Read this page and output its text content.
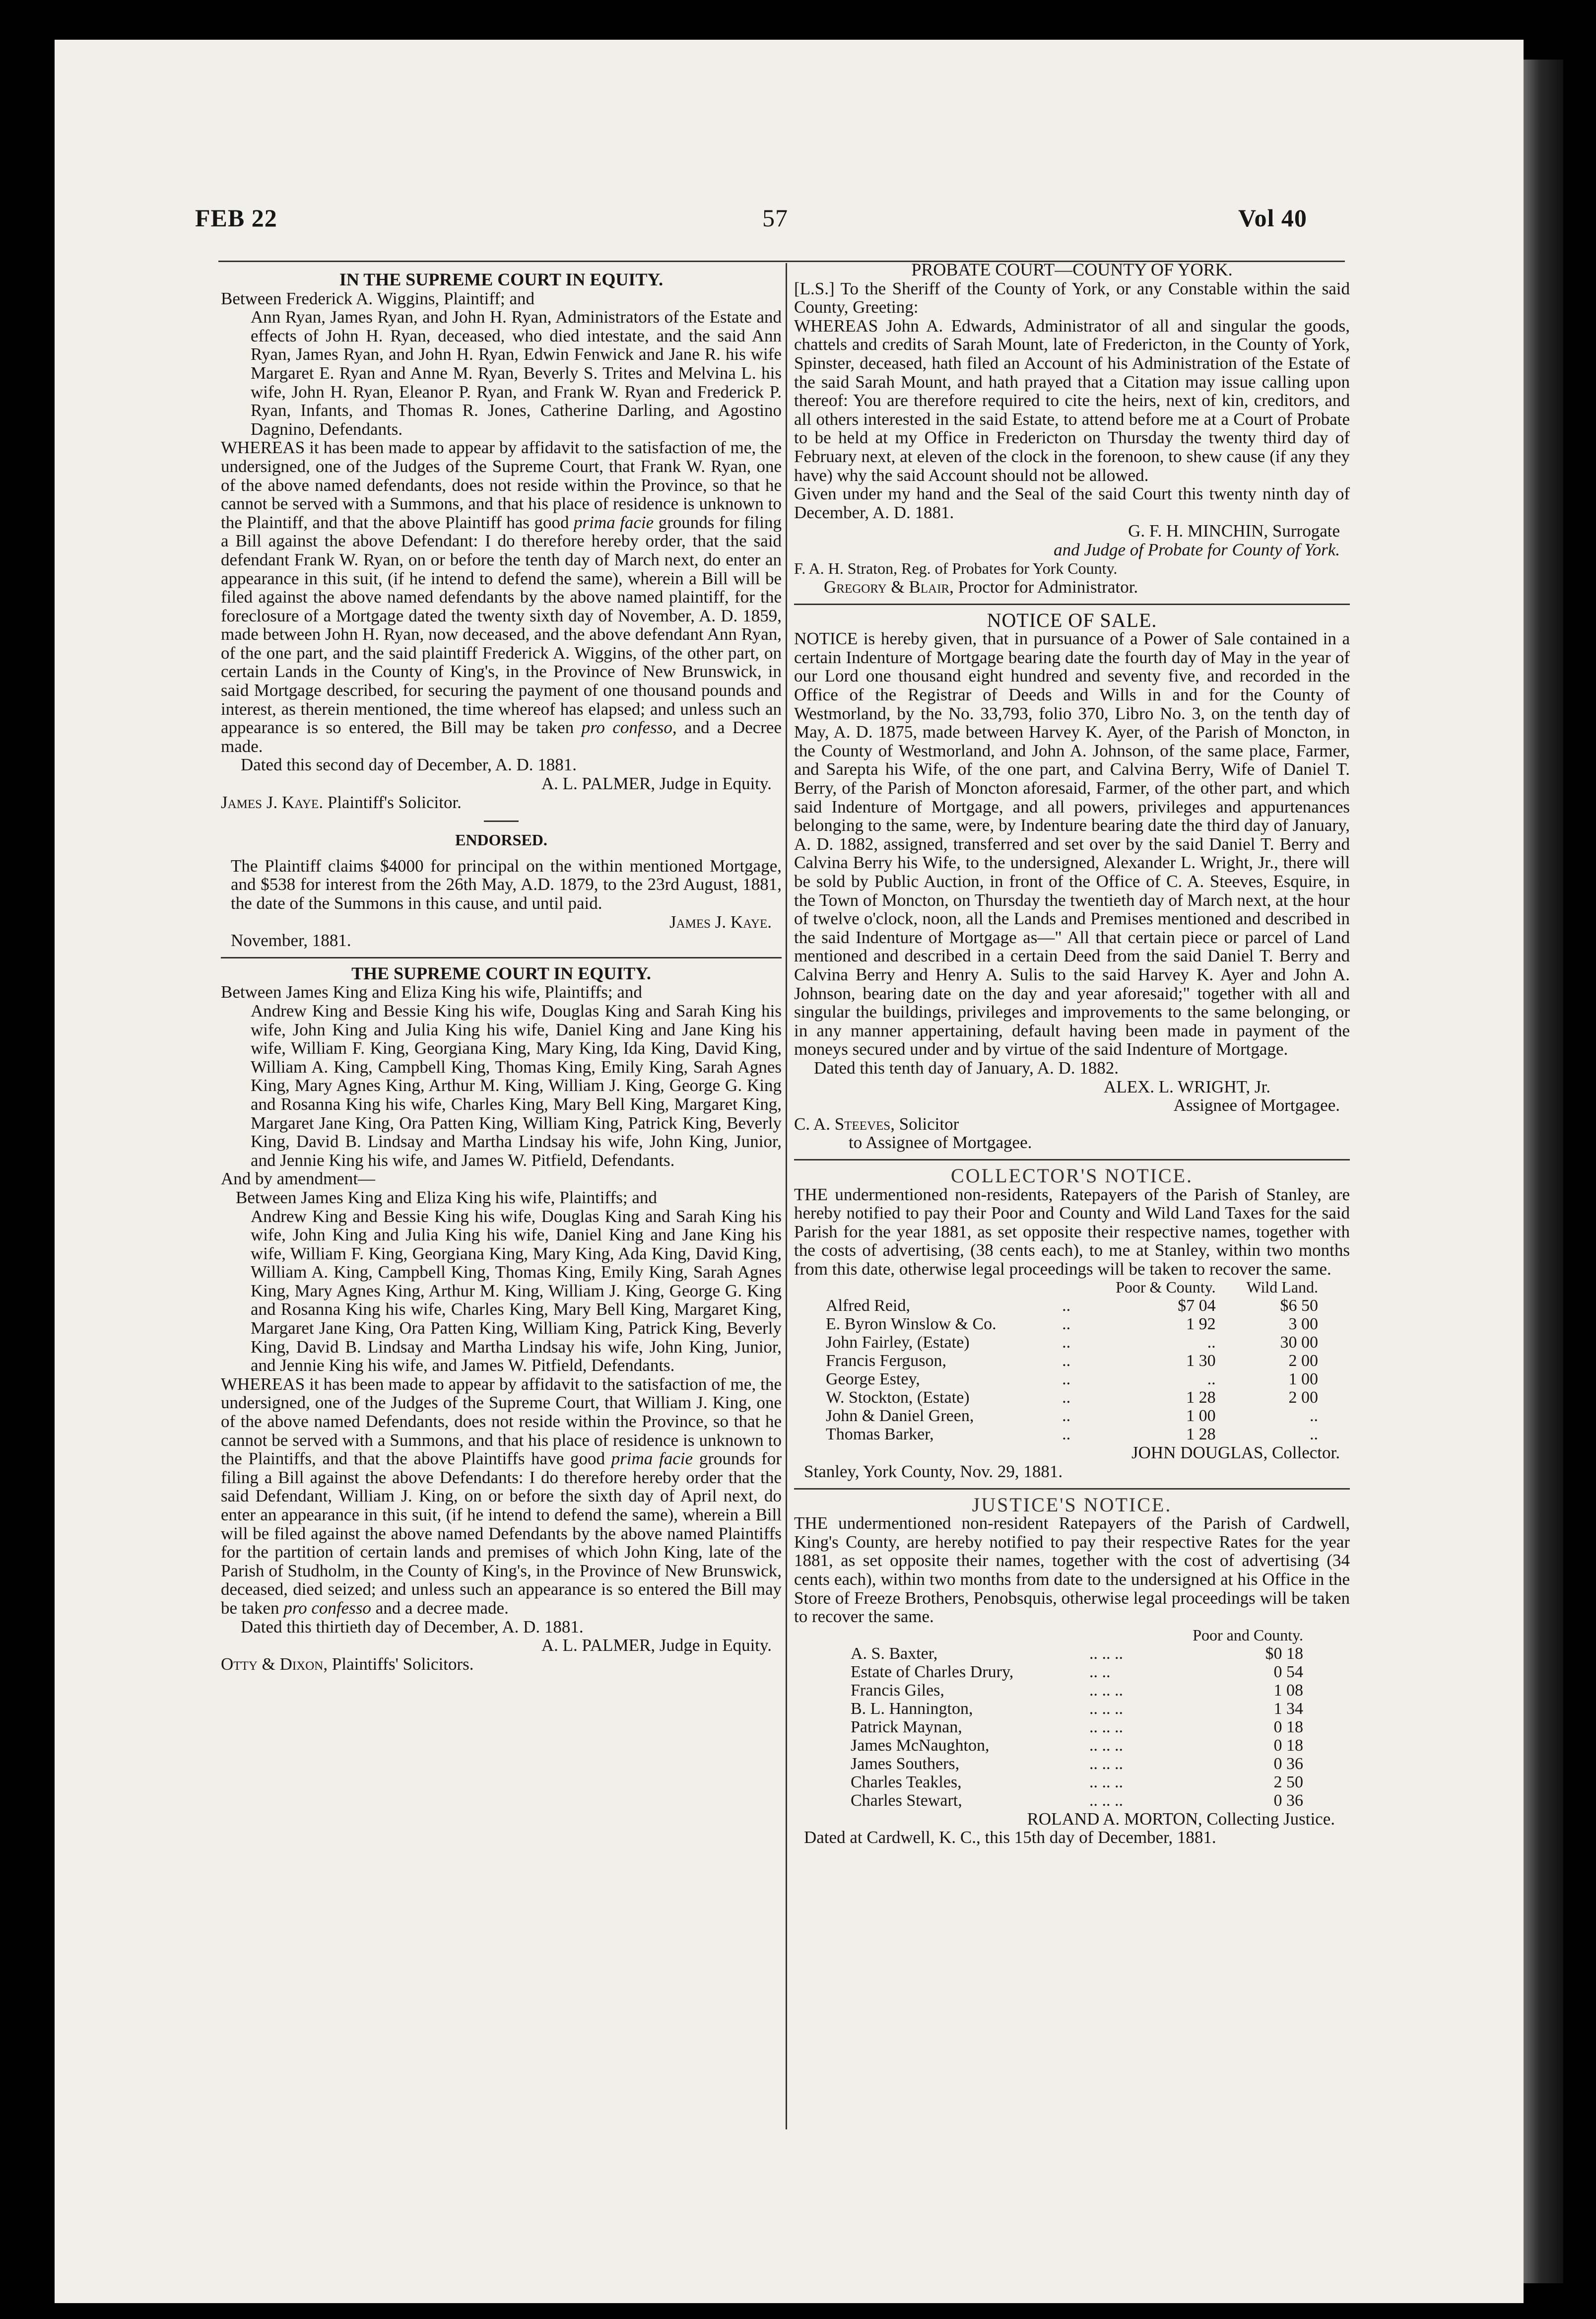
FEB 22	57	Vol 40

IN THE SUPREME COURT IN EQUITY.

Between Frederick A. Wiggins, Plaintiff; and

Ann Ryan, James Ryan, and John H. Ryan, Administrators of the Estate and effects of John H. Ryan, deceased, who died intestate, and the said Ann Ryan, James Ryan, and John H. Ryan, Edwin Fenwick and Jane R. his wife Margaret E. Ryan and Anne M. Ryan, Beverly S. Trites and Melvina L. his wife, John H. Ryan, Eleanor P. Ryan, and Frank W. Ryan and Frederick P. Ryan, Infants, and Thomas R. Jones, Catherine Darling, and Agostino Dagnino, Defendants.

WHEREAS it has been made to appear by affidavit to the satisfaction of me, the undersigned, one of the Judges of the Supreme Court, that Frank W. Ryan, one of the above named defendants, does not reside within the Province, so that he cannot be served with a Summons, and that his place of residence is unknown to the Plaintiff, and that the above Plaintiff has good prima facie grounds for filing a Bill against the above Defendant: I do therefore hereby order, that the said defendant Frank W. Ryan, on or before the tenth day of March next, do enter an appearance in this suit, (if he intend to defend the same), wherein a Bill will be filed against the above named defendants by the above named plaintiff, for the foreclosure of a Mortgage dated the twenty sixth day of November, A. D. 1859, made between John H. Ryan, now deceased, and the above defendant Ann Ryan, of the one part, and the said plaintiff Frederick A. Wiggins, of the other part, on certain Lands in the County of King's, in the Province of New Brunswick, in said Mortgage described, for securing the payment of one thousand pounds and interest, as therein mentioned, the time whereof has elapsed; and unless such an appearance is so entered, the Bill may be taken pro confesso, and a Decree made.

Dated this second day of December, A. D. 1881.

A. L. PALMER, Judge in Equity.

James J. Kaye. Plaintiff's Solicitor.

ENDORSED.

The Plaintiff claims $4000 for principal on the within mentioned Mortgage, and $538 for interest from the 26th May, A.D. 1879, to the 23rd August, 1881, the date of the Summons in this cause, and until paid.

James J. Kaye.

November, 1881.

THE SUPREME COURT IN EQUITY.

Between James King and Eliza King his wife, Plaintiffs; and

Andrew King and Bessie King his wife, Douglas King and Sarah King his wife, John King and Julia King his wife, Daniel King and Jane King his wife, William F. King, Georgiana King, Mary King, Ida King, David King, William A. King, Campbell King, Thomas King, Emily King, Sarah Agnes King, Mary Agnes King, Arthur M. King, William J. King, George G. King and Rosanna King his wife, Charles King, Mary Bell King, Margaret King, Margaret Jane King, Ora Patten King, William King, Patrick King, Beverly King, David B. Lindsay and Martha Lindsay his wife, John King, Junior, and Jennie King his wife, and James W. Pitfield, Defendants.

And by amendment—

Between James King and Eliza King his wife, Plaintiffs; and

Andrew King and Bessie King his wife, Douglas King and Sarah King his wife, John King and Julia King his wife, Daniel King and Jane King his wife, William F. King, Georgiana King, Mary King, Ada King, David King, William A. King, Campbell King, Thomas King, Emily King, Sarah Agnes King, Mary Agnes King, Arthur M. King, William J. King, George G. King and Rosanna King his wife, Charles King, Mary Bell King, Margaret King, Margaret Jane King, Ora Patten King, William King, Patrick King, Beverly King, David B. Lindsay and Martha Lindsay his wife, John King, Junior, and Jennie King his wife, and James W. Pitfield, Defendants.

WHEREAS it has been made to appear by affidavit to the satisfaction of me, the undersigned, one of the Judges of the Supreme Court, that William J. King, one of the above named Defendants, does not reside within the Province, so that he cannot be served with a Summons, and that his place of residence is unknown to the Plaintiffs, and that the above Plaintiffs have good prima facie grounds for filing a Bill against the above Defendants: I do therefore hereby order that the said Defendant, William J. King, on or before the sixth day of April next, do enter an appearance in this suit, (if he intend to defend the same), wherein a Bill will be filed against the above named Defendants by the above named Plaintiffs for the partition of certain lands and premises of which John King, late of the Parish of Studholm, in the County of King's, in the Province of New Brunswick, deceased, died seized; and unless such an appearance is so entered the Bill may be taken pro confesso and a decree made.

Dated this thirtieth day of December, A. D. 1881.

A. L. PALMER, Judge in Equity.

Otty & Dixon, Plaintiffs' Solicitors.

PROBATE COURT—COUNTY OF YORK.

[L.S.] To the Sheriff of the County of York, or any Constable within the said County, Greeting:

WHEREAS John A. Edwards, Administrator of all and singular the goods, chattels and credits of Sarah Mount, late of Fredericton, in the County of York, Spinster, deceased, hath filed an Account of his Administration of the Estate of the said Sarah Mount, and hath prayed that a Citation may issue calling upon thereof: You are therefore required to cite the heirs, next of kin, creditors, and all others interested in the said Estate, to attend before me at a Court of Probate to be held at my Office in Fredericton on Thursday the twenty third day of February next, at eleven of the clock in the forenoon, to shew cause (if any they have) why the said Account should not be allowed.

Given under my hand and the Seal of the said Court this twenty ninth day of December, A. D. 1881.

G. F. H. MINCHIN, Surrogate

and Judge of Probate for County of York.

F. A. H. Straton, Reg. of Probates for York County.

Gregory & Blair, Proctor for Administrator.

NOTICE OF SALE.

NOTICE is hereby given, that in pursuance of a Power of Sale contained in a certain Indenture of Mortgage bearing date the fourth day of May in the year of our Lord one thousand eight hundred and seventy five, and recorded in the Office of the Registrar of Deeds and Wills in and for the County of Westmorland, by the No. 33,793, folio 370, Libro No. 3, on the tenth day of May, A. D. 1875, made between Harvey K. Ayer, of the Parish of Moncton, in the County of Westmorland, and John A. Johnson, of the same place, Farmer, and Sarepta his Wife, of the one part, and Calvina Berry, Wife of Daniel T. Berry, of the Parish of Moncton aforesaid, Farmer, of the other part, and which said Indenture of Mortgage, and all powers, privileges and appurtenances belonging to the same, were, by Indenture bearing date the third day of January, A. D. 1882, assigned, transferred and set over by the said Daniel T. Berry and Calvina Berry his Wife, to the undersigned, Alexander L. Wright, Jr., there will be sold by Public Auction, in front of the Office of C. A. Steeves, Esquire, in the Town of Moncton, on Thursday the twentieth day of March next, at the hour of twelve o'clock, noon, all the Lands and Premises mentioned and described in the said Indenture of Mortgage as—" All that certain piece or parcel of Land mentioned and described in a certain Deed from the said Daniel T. Berry and Calvina Berry and Henry A. Sulis to the said Harvey K. Ayer and John A. Johnson, bearing date on the day and year aforesaid;" together with all and singular the buildings, privileges and improvements to the same belonging, or in any manner appertaining, default having been made in payment of the moneys secured under and by virtue of the said Indenture of Mortgage.

Dated this tenth day of January, A. D. 1882.

ALEX. L. WRIGHT, Jr.

Assignee of Mortgagee.

C. A. Steeves, Solicitor

to Assignee of Mortgagee.

COLLECTOR'S NOTICE.

THE undermentioned non-residents, Ratepayers of the Parish of Stanley, are hereby notified to pay their Poor and County and Wild Land Taxes for the said Parish for the year 1881, as set opposite their respective names, together with the costs of advertising, (38 cents each), to me at Stanley, within two months from this date, otherwise legal proceedings will be taken to recover the same.

		Poor & County.	Wild Land.
Alfred Reid,	..	$7 04	$6 50
E. Byron Winslow & Co.	..	1 92	3 00
John Fairley, (Estate)	..	..	30 00
Francis Ferguson,	..	1 30	2 00
George Estey,	..	..	1 00
W. Stockton, (Estate)	..	1 28	2 00
John & Daniel Green,	..	1 00	..
Thomas Barker,	..	1 28	..

JOHN DOUGLAS, Collector.

Stanley, York County, Nov. 29, 1881.

JUSTICE'S NOTICE.

THE undermentioned non-resident Ratepayers of the Parish of Cardwell, King's County, are hereby notified to pay their respective Rates for the year 1881, as set opposite their names, together with the cost of advertising (34 cents each), within two months from date to the undersigned at his Office in the Store of Freeze Brothers, Penobsquis, otherwise legal proceedings will be taken to recover the same.

		Poor and County.
A. S. Baxter,	.. .. ..	$0 18
Estate of Charles Drury,	.. ..	0 54
Francis Giles,	.. .. ..	1 08
B. L. Hannington,	.. .. ..	1 34
Patrick Maynan,	.. .. ..	0 18
James McNaughton,	.. .. ..	0 18
James Southers,	.. .. ..	0 36
Charles Teakles,	.. .. ..	2 50
Charles Stewart,	.. .. ..	0 36

ROLAND A. MORTON, Collecting Justice.

Dated at Cardwell, K. C., this 15th day of December, 1881.
